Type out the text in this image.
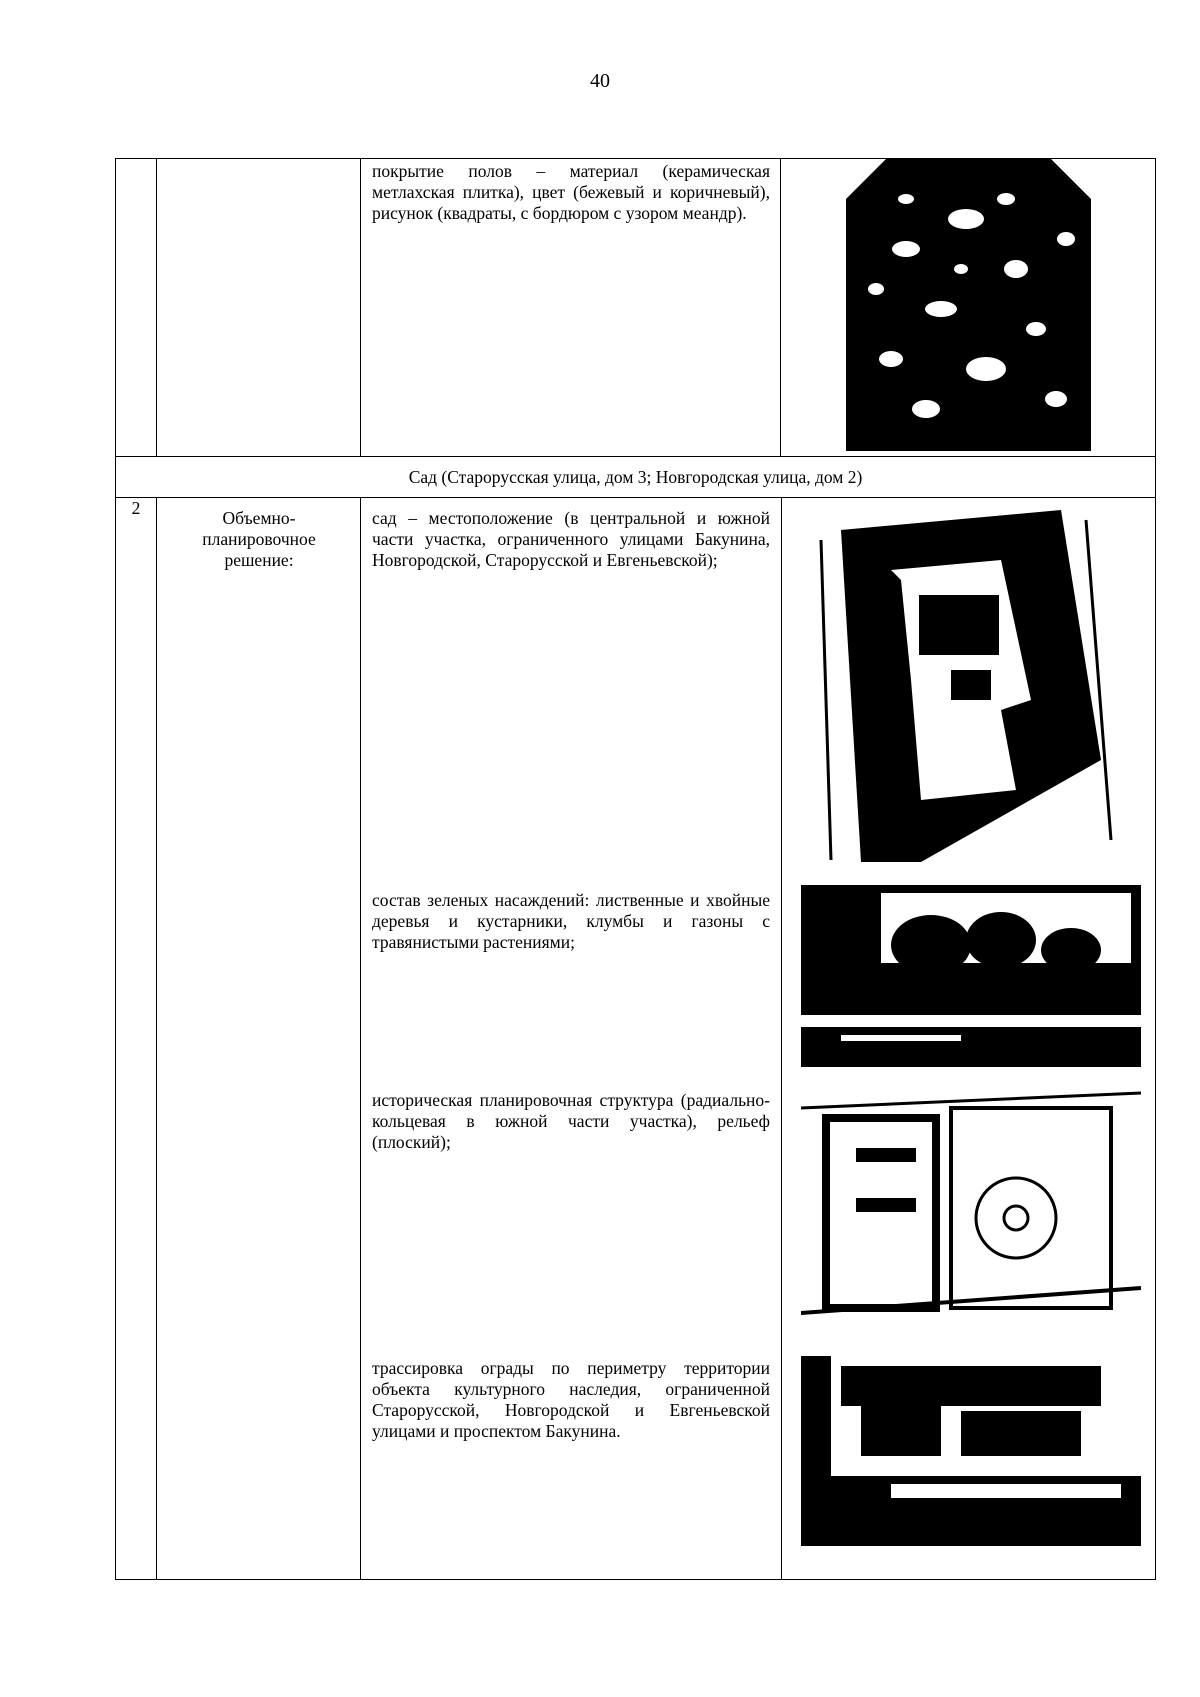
40

		покрытие полов – материал (керамическая метлахская плитка), цвет (бежевый и коричневый), рисунок (квадраты, с бордюром с узором меандр).

Сад (Старорусская улица, дом 3; Новгородская улица, дом 2)			
2	Объемно-планировочное решение:	сад – местоположение (в центральной и южной части участка, ограниченного улицами Бакунина, Новгородской, Старорусской и Евгеньевской);
состав зеленых насаждений: лиственные и хвойные деревья и кустарники, клумбы и газоны с травянистыми растениями;
историческая планировочная структура (радиально-кольцевая в южной части участка), рельеф (плоский);
трассировка ограды по периметру территории объекта культурного наследия, ограниченной Старорусской, Новгородской и Евгеньевской улицами и проспектом Бакунина.	
